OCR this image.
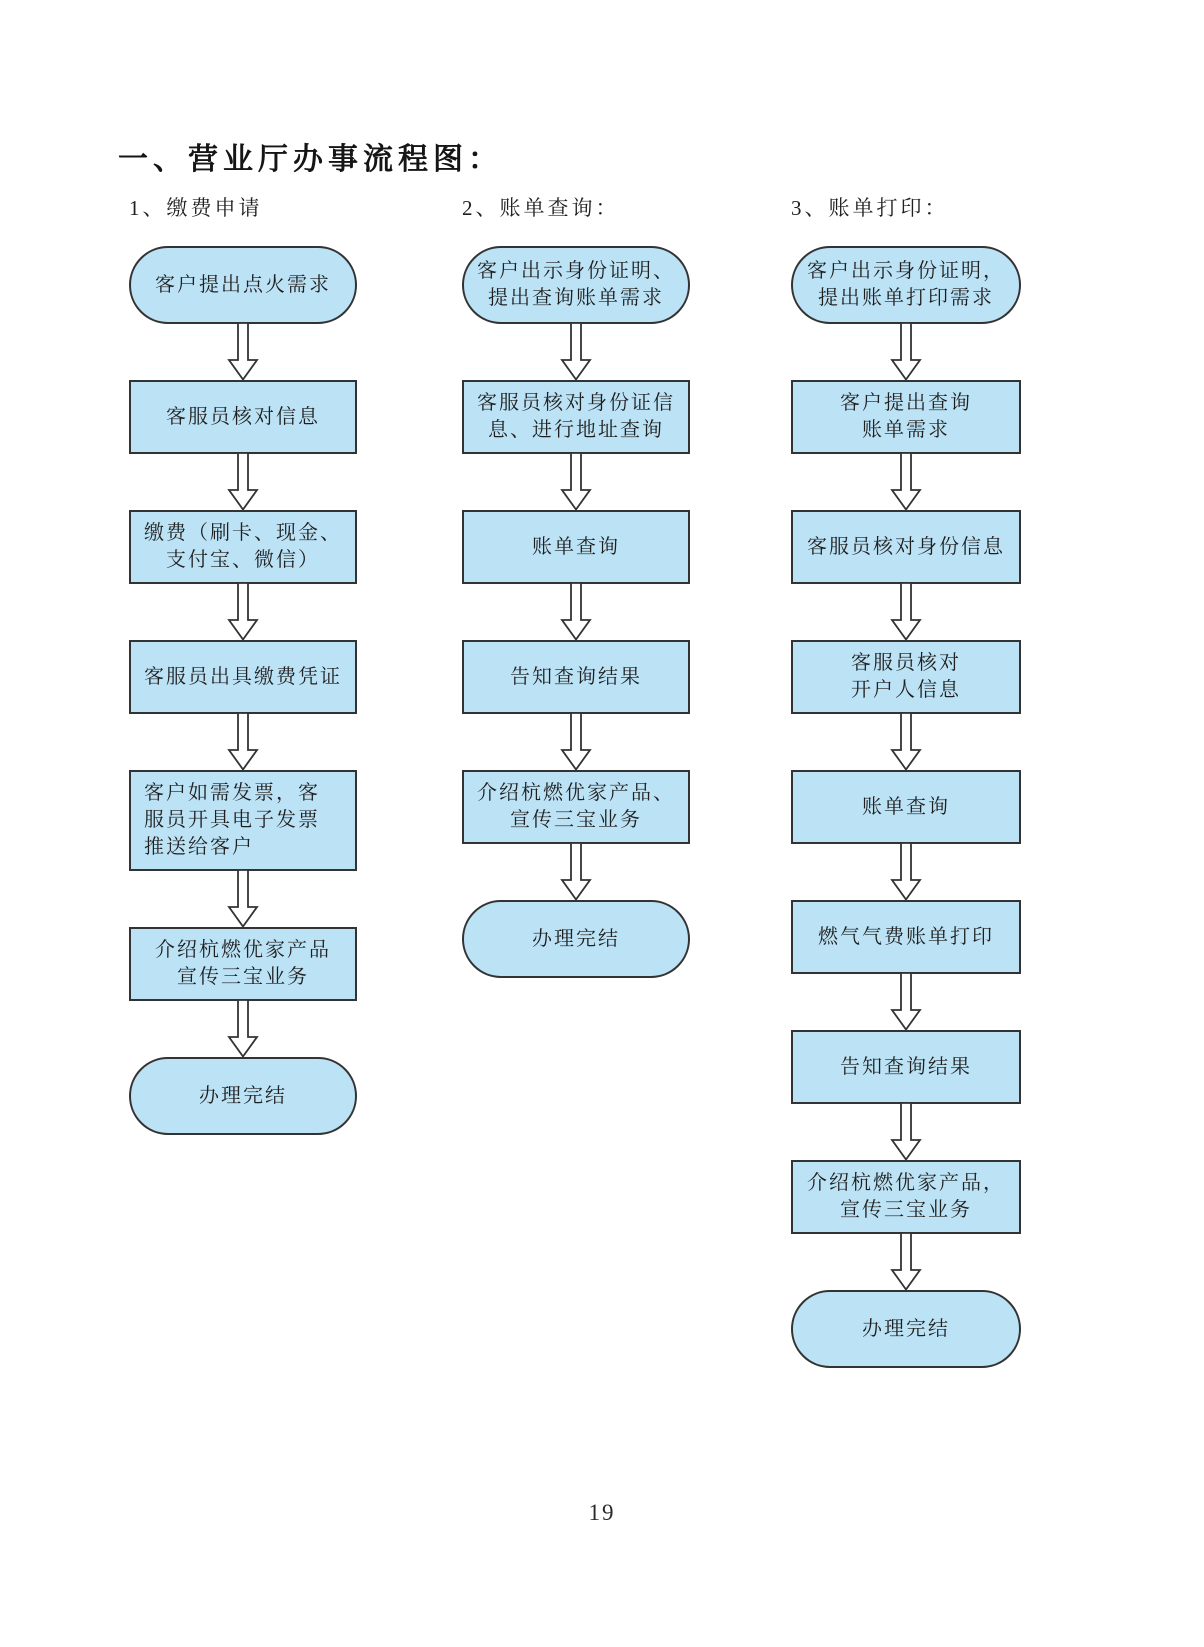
一、营业厅办事流程图：
1、缴费申请
客户提出点火需求
客服员核对信息
缴费（刷卡、现金、
支付宝、微信）
客服员出具缴费凭证
客户如需发票，客
服员开具电子发票
推送给客户
介绍杭燃优家产品
宣传三宝业务
办理完结
2、账单查询：
客户出示身份证明、
提出查询账单需求
客服员核对身份证信
息、进行地址查询
账单查询
告知查询结果
介绍杭燃优家产品、
宣传三宝业务
办理完结
3、账单打印：
客户出示身份证明，
提出账单打印需求
客户提出查询
账单需求
客服员核对身份信息
客服员核对
开户人信息
账单查询
燃气气费账单打印
告知查询结果
介绍杭燃优家产品，
宣传三宝业务
办理完结
19
